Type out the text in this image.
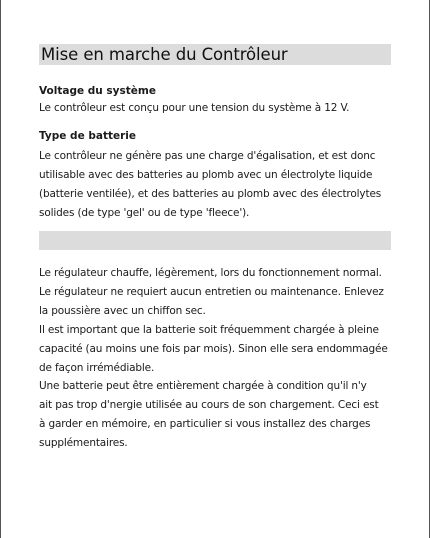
Mise en marche du Contrôleur

Voltage du système

Le contrôleur est conçu pour une tension du système à 12 V.

Type de batterie

Le contrôleur ne génère pas une charge d'égalisation, et est donc
utilisable avec des batteries au plomb avec un électrolyte liquide
(batterie ventilée), et des batteries au plomb avec des électrolytes
solides (de type 'gel' ou de type 'fleece').
Le régulateur chauffe, légèrement, lors du fonctionnement normal.
Le régulateur ne requiert aucun entretien ou maintenance. Enlevez
la poussière avec un chiffon sec.
Il est important que la batterie soit fréquemment chargée à pleine
capacité (au moins une fois par mois). Sinon elle sera endommagée
de façon irrémédiable.
Une batterie peut être entièrement chargée à condition qu'il n'y
ait pas trop d'nergie utilisée au cours de son chargement. Ceci est
à garder en mémoire, en particulier si vous installez des charges
supplémentaires.
